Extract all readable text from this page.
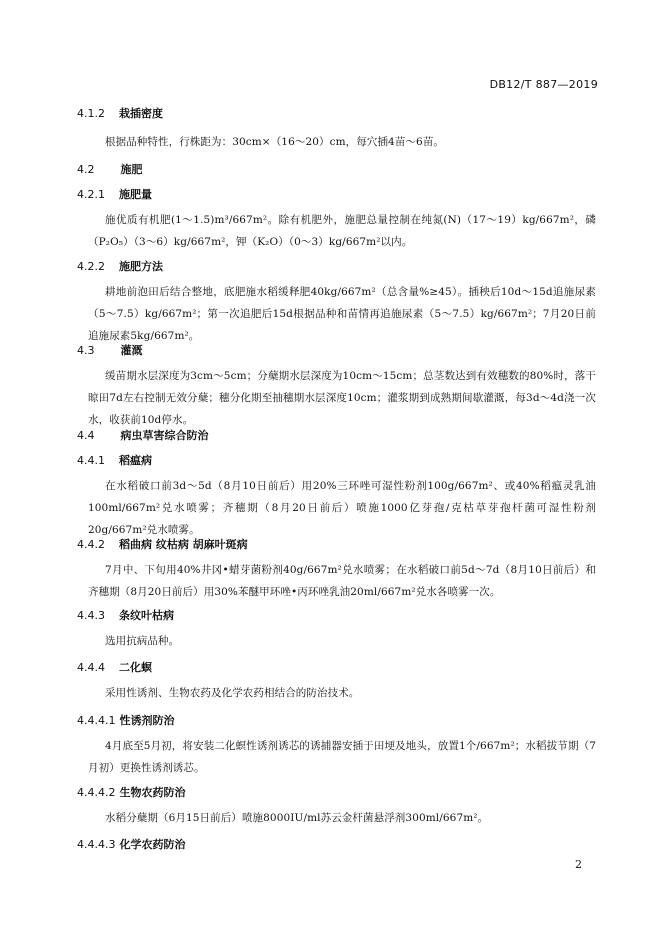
DB12/T 887—2019
4.1.2 栽插密度
根据品种特性，行株距为：30cm×（16～20）cm，每穴插4苗～6苗。
4.2 施肥
4.2.1 施肥量
施优质有机肥(1～1.5)m³/667m²。除有机肥外，施肥总量控制在纯氮(N)（17～19）kg/667m²，磷（P₂O₅）（3～6）kg/667m²，钾（K₂O）（0～3）kg/667m²以内。
4.2.2 施肥方法
耕地前泡田后结合整地，底肥施水稻缓释肥40kg/667m²（总含量%≥45）。插秧后10d～15d追施尿素（5～7.5）kg/667m²；第一次追肥后15d根据品种和苗情再追施尿素（5～7.5）kg/667m²；7月20日前追施尿素5kg/667m²。
4.3 灌溉
缓苗期水层深度为3cm～5cm；分蘖期水层深度为10cm～15cm；总茎数达到有效穗数的80%时，落干晾田7d左右控制无效分蘖；穗分化期至抽穗期水层深度10cm；灌浆期到成熟期间歇灌溉，每3d～4d浇一次水，收获前10d停水。
4.4 病虫草害综合防治
4.4.1 稻瘟病
在水稻破口前3d～5d（8月10日前后）用20%三环唑可湿性粉剂100g/667m²、或40%稻瘟灵乳油100ml/667m²兑水喷雾；齐穗期（8月20日前后）喷施1000亿芽孢/克枯草芽孢杆菌可湿性粉剂20g/667m²兑水喷雾。
4.4.2 稻曲病 纹枯病 胡麻叶斑病
7月中、下旬用40%井冈•蜡芽菌粉剂40g/667m²兑水喷雾；在水稻破口前5d～7d（8月10日前后）和齐穗期（8月20日前后）用30%苯醚甲环唑•丙环唑乳油20ml/667m²兑水各喷雾一次。
4.4.3 条纹叶枯病
选用抗病品种。
4.4.4 二化螟
采用性诱剂、生物农药及化学农药相结合的防治技术。
4.4.4.1 性诱剂防治
4月底至5月初，将安装二化螟性诱剂诱芯的诱捕器安插于田埂及地头，放置1个/667m²；水稻拔节期（7月初）更换性诱剂诱芯。
4.4.4.2 生物农药防治
水稻分蘖期（6月15日前后）喷施8000IU/ml苏云金杆菌悬浮剂300ml/667m²。
4.4.4.3 化学农药防治
2
